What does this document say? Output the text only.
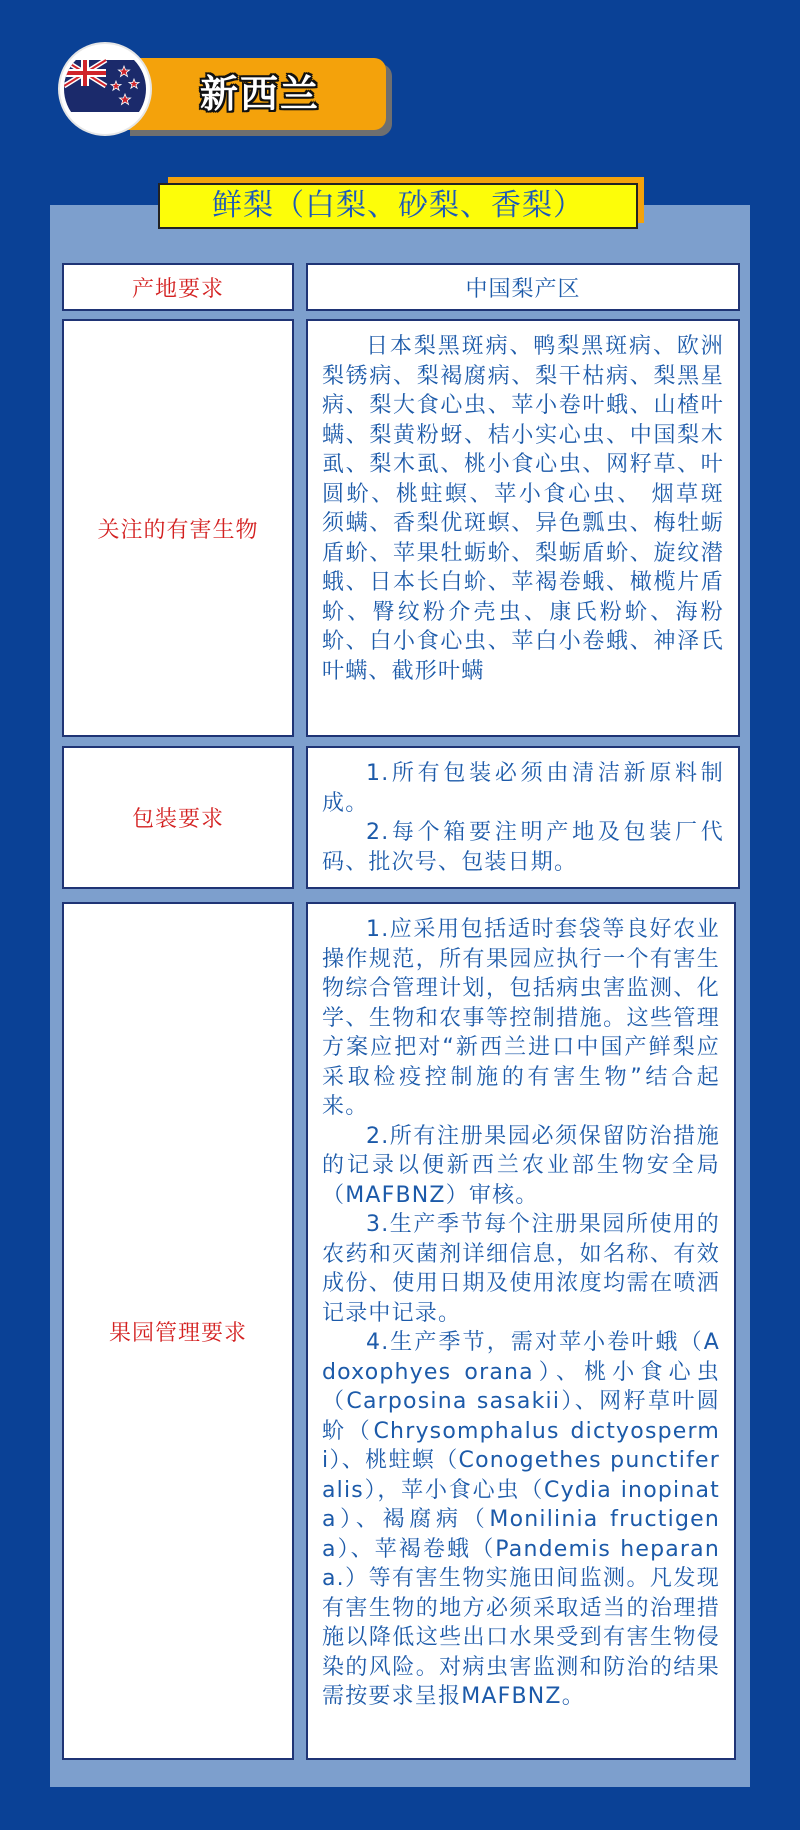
新西兰
鲜梨（白梨、砂梨、香梨）
产地要求	中国梨产区
关注的有害生物

日本梨黑斑病、鸭梨黑斑病、欧洲梨锈病、梨褐腐病、梨干枯病、梨黑星病、梨大食心虫、苹小卷叶蛾、山楂叶螨、梨黄粉蚜、桔小实心虫、中国梨木虱、梨木虱、桃小食心虫、网籽草、叶圆蚧、桃蛀螟、苹小食心虫、 烟草斑须螨、香梨优斑螟、异色瓢虫、梅牡蛎盾蚧、苹果牡蛎蚧、梨蛎盾蚧、旋纹潜蛾、日本长白蚧、苹褐卷蛾、橄榄片盾蚧、臀纹粉介壳虫、康氏粉蚧、海粉蚧、白小食心虫、苹白小卷蛾、神泽氏叶螨、截形叶螨

包装要求

1.所有包装必须由清洁新原料制成。

2.每个箱要注明产地及包装厂代码、批次号、包装日期。

果园管理要求

1.应采用包括适时套袋等良好农业操作规范，所有果园应执行一个有害生物综合管理计划，包括病虫害监测、化学、生物和农事等控制措施。这些管理方案应把对“新西兰进口中国产鲜梨应采取检疫控制施的有害生物”结合起来。

2.所有注册果园必须保留防治措施的记录以便新西兰农业部生物安全局（MAFBNZ）审核。

3.生产季节每个注册果园所使用的农药和灭菌剂详细信息，如名称、有效成份、使用日期及使用浓度均需在喷洒记录中记录。

4.生产季节，需对苹小卷叶蛾（Adoxophyes orana）、桃小食心虫（Carposina sasakii）、网籽草叶圆蚧（Chrysomphalus dictyospermi）、桃蛀螟（Conogethes punctiferalis），苹小食心虫（Cydia inopinata）、褐腐病（Monilinia fructigena）、苹褐卷蛾（Pandemis heparana.）等有害生物实施田间监测。凡发现有害生物的地方必须采取适当的治理措施以降低这些出口水果受到有害生物侵染的风险。对病虫害监测和防治的结果需按要求呈报MAFBNZ。
